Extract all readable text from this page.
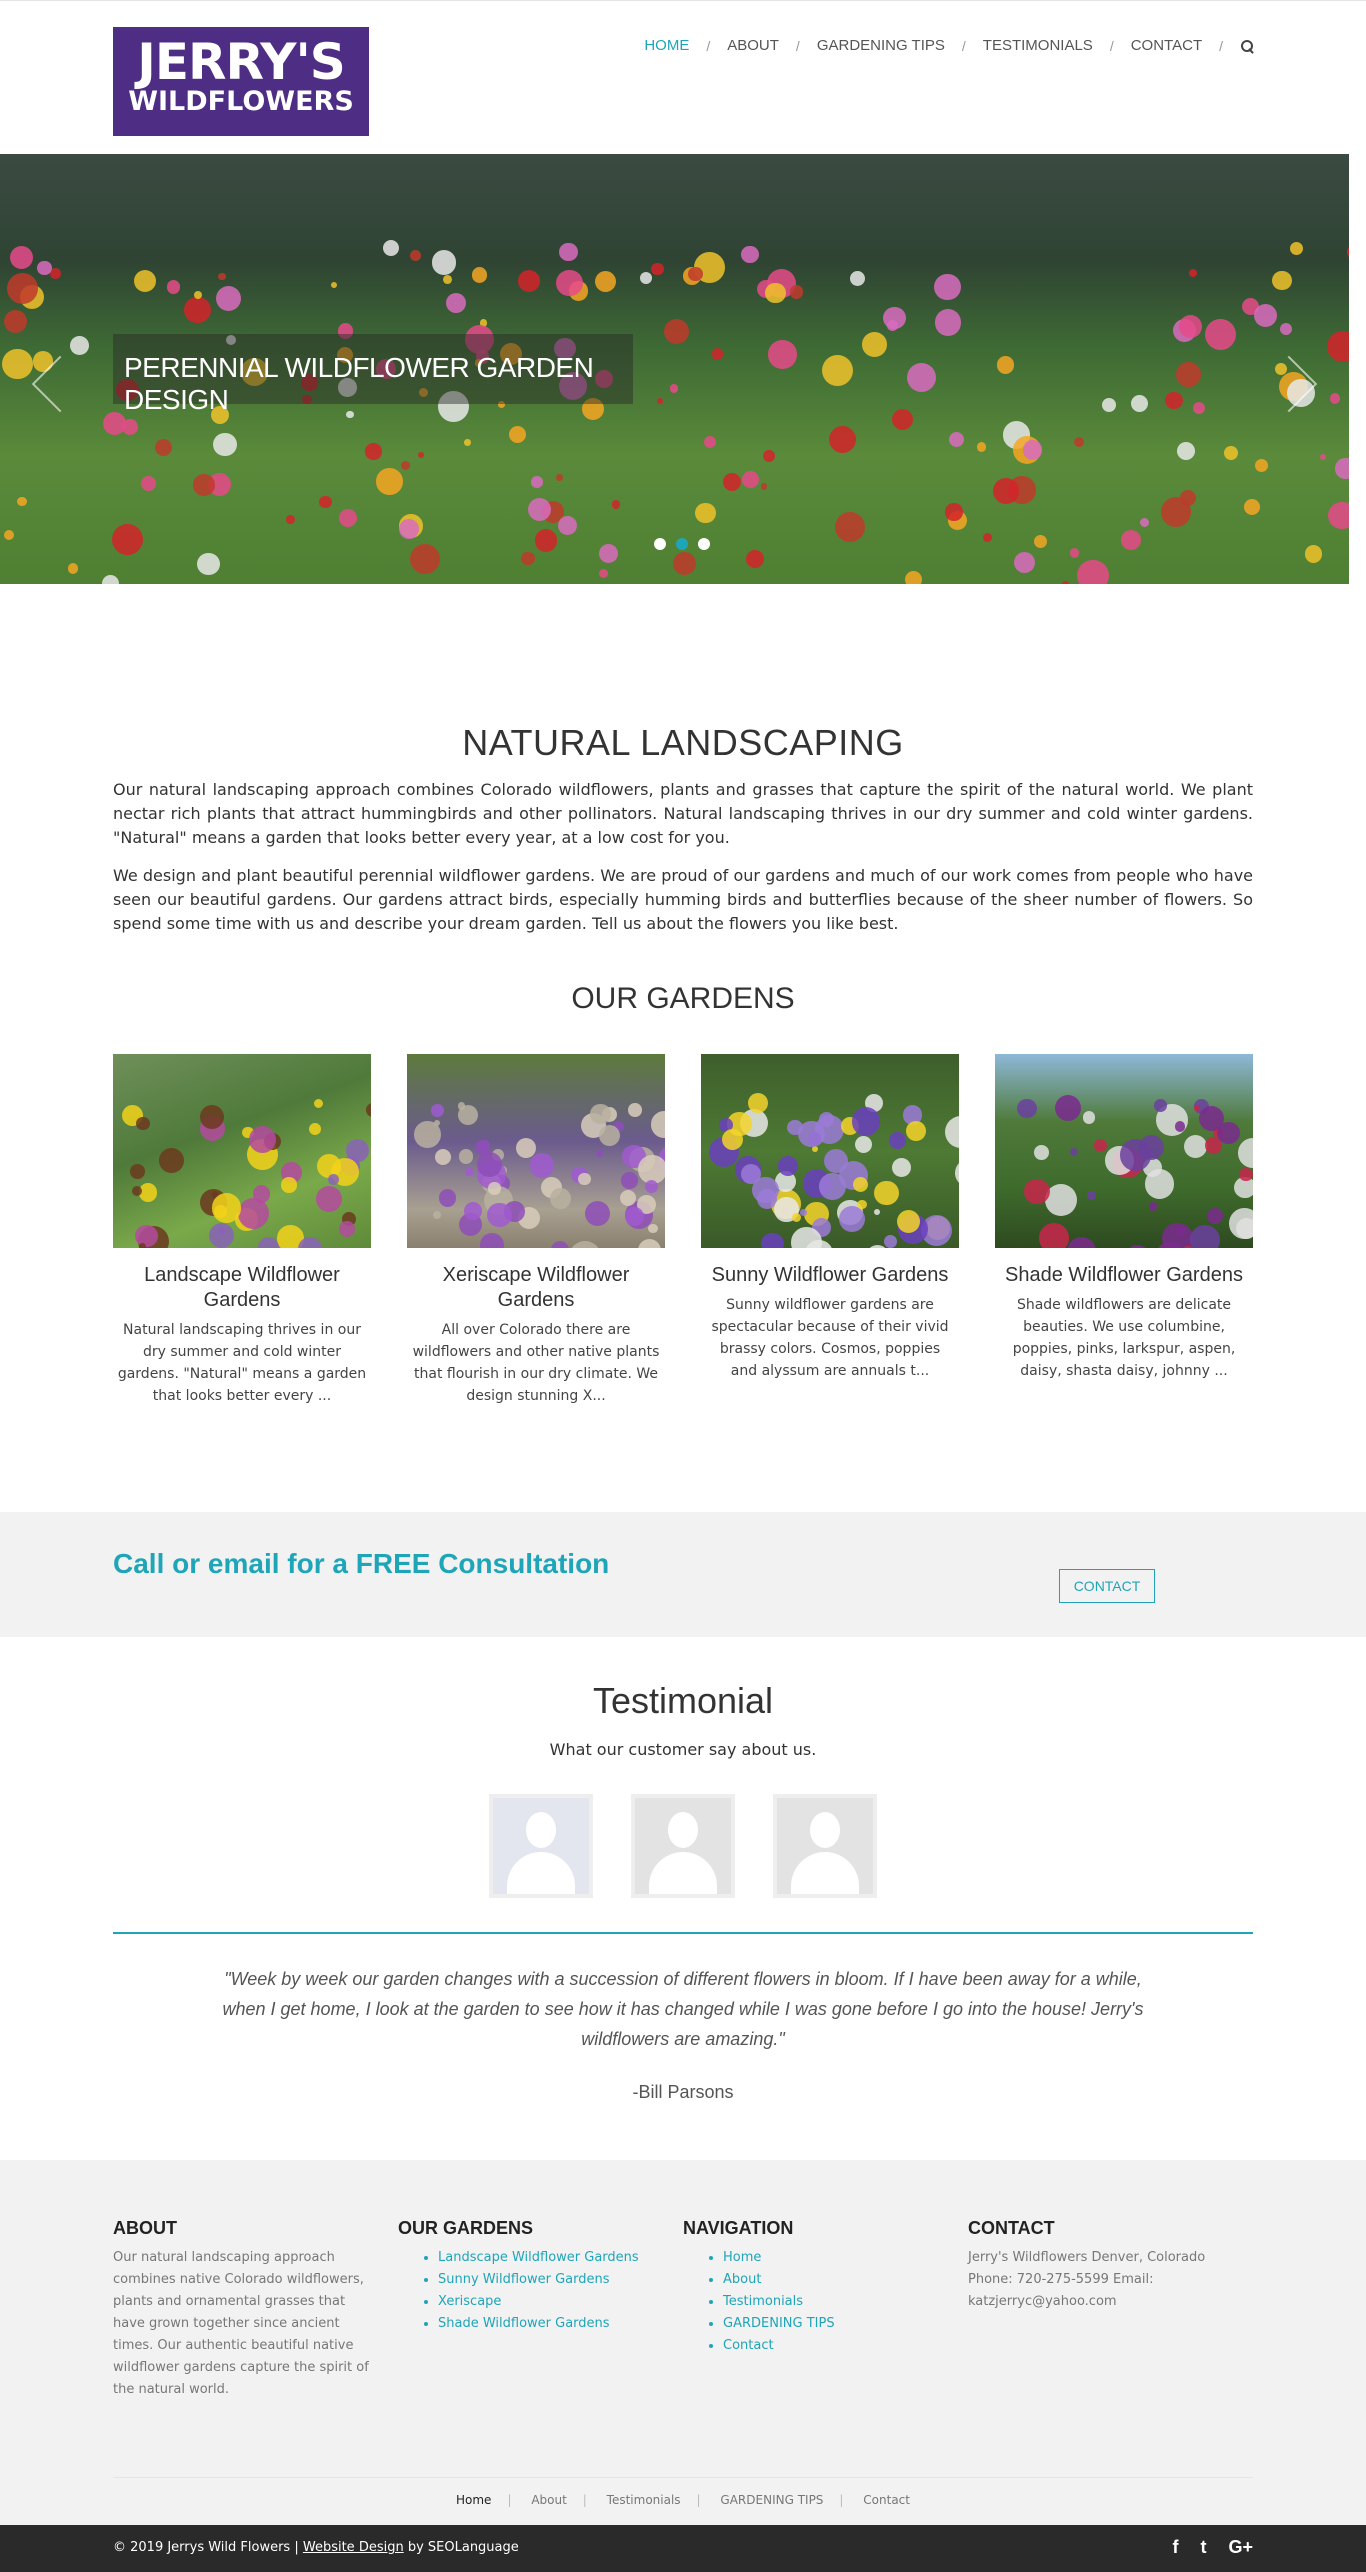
JERRY'S
WILDFLOWERS
HOME / ABOUT / GARDENING TIPS / TESTIMONIALS / CONTACT /
PERENNIAL WILDFLOWER GARDEN DESIGN
NATURAL LANDSCAPING

Our natural landscaping approach combines Colorado wildflowers, plants and grasses that capture the spirit of the natural world. We plant nectar rich plants that attract hummingbirds and other pollinators. Natural landscaping thrives in our dry summer and cold winter gardens. "Natural" means a garden that looks better every year, at a low cost for you.

We design and plant beautiful perennial wildflower gardens. We are proud of our gardens and much of our work comes from people who have seen our beautiful gardens. Our gardens attract birds, especially humming birds and butterflies because of the sheer number of flowers. So spend some time with us and describe your dream garden. Tell us about the flowers you like best.

OUR GARDENS
Landscape Wildflower Gardens

Natural landscaping thrives in our dry summer and cold winter gardens. "Natural" means a garden that looks better every ...

Xeriscape Wildflower Gardens

All over Colorado there are wildflowers and other native plants that flourish in our dry climate. We design stunning X...

Sunny Wildflower Gardens

Sunny wildflower gardens are spectacular because of their vivid brassy colors. Cosmos, poppies and alyssum are annuals t...

Shade Wildflower Gardens

Shade wildflowers are delicate beauties. We use columbine, poppies, pinks, larkspur, aspen, daisy, shasta daisy, johnny ...

Call or email for a FREE Consultation
CONTACT
Testimonial
What our customer say about us.
"Week by week our garden changes with a succession of different flowers in bloom. If I have been away for a while, when I get home, I look at the garden to see how it has changed while I was gone before I go into the house! Jerry's wildflowers are amazing."
-Bill Parsons
ABOUT

Our natural landscaping approach combines native Colorado wildflowers, plants and ornamental grasses that have grown together since ancient times. Our authentic beautiful native wildflower gardens capture the spirit of the natural world.

OUR GARDENS
• Landscape Wildflower Gardens
• Sunny Wildflower Gardens
• Xeriscape
• Shade Wildflower Gardens
NAVIGATION
• Home
• About
• Testimonials
• GARDENING TIPS
• Contact
CONTACT

Jerry's Wildflowers Denver, Colorado Phone: 720-275-5599 Email: katzjerryc@yahoo.com

Home | About | Testimonials | GARDENING TIPS | Contact
© 2019 Jerrys Wild Flowers | Website Design by SEOLanguage	f t G+
